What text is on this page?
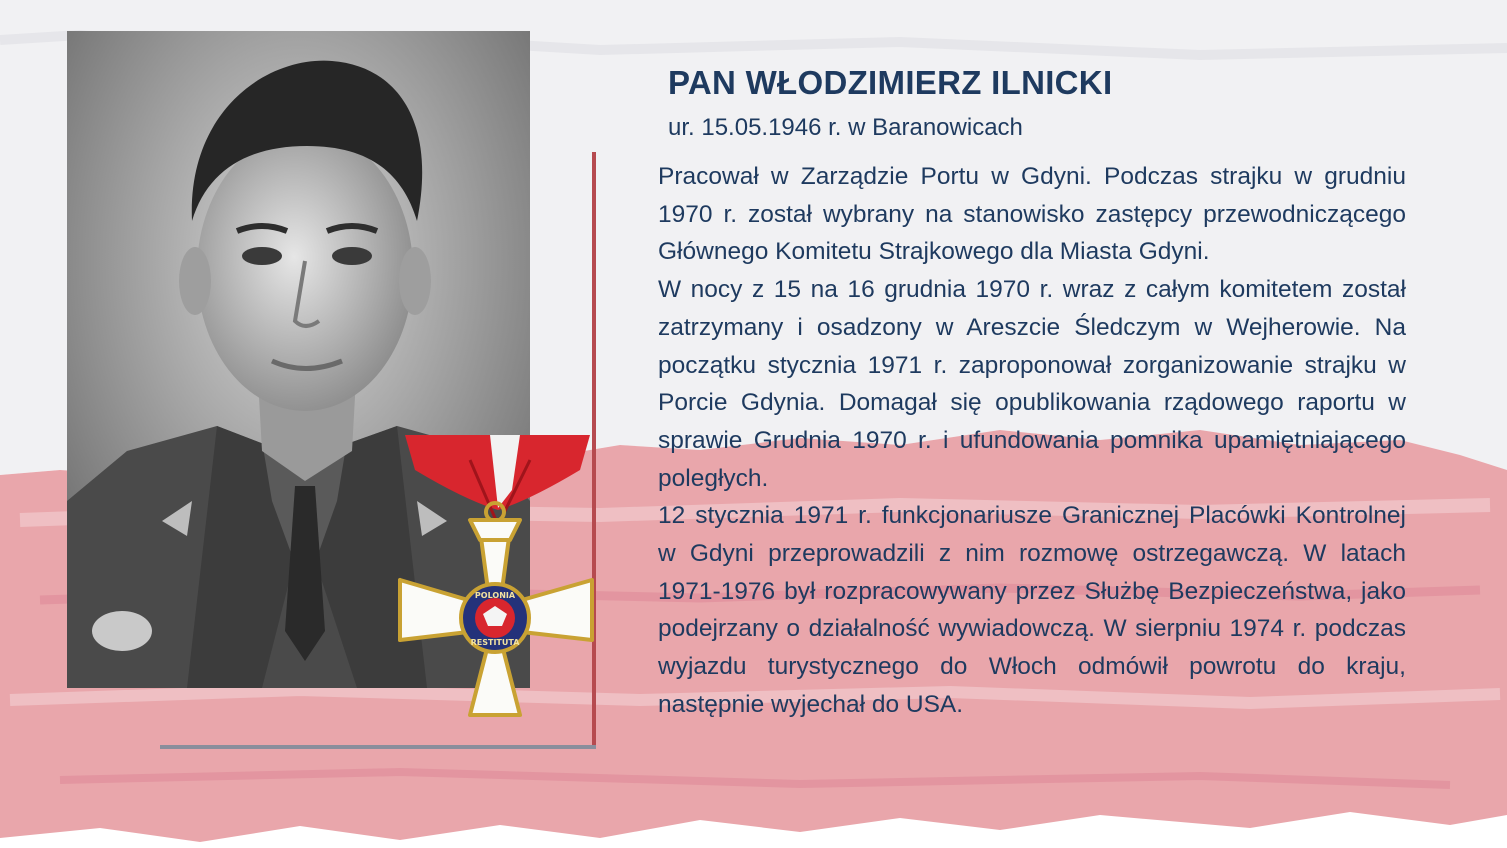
POLONIA
RESTITUTA
PAN WŁODZIMIERZ ILNICKI
ur. 15.05.1946 r. w Baranowicach

Pracował w Zarządzie Portu w Gdyni. Podczas strajku w grudniu 1970 r. został wybrany na stanowisko zastępcy przewodniczącego Głównego Komitetu Strajkowego dla Miasta Gdyni.

W nocy z 15 na 16 grudnia 1970 r. wraz z całym komitetem został zatrzymany i osadzony w Areszcie Śledczym w Wejherowie. Na początku stycznia 1971 r. zaproponował zorganizowanie strajku w Porcie Gdynia. Domagał się opublikowania rządowego raportu w sprawie Grudnia 1970 r. i ufundowania pomnika upamiętniającego poległych.

12 stycznia 1971 r. funkcjonariusze Granicznej Placówki Kontrolnej w Gdyni przeprowadzili z nim rozmowę ostrzegawczą. W latach 1971-1976 był rozpracowywany przez Służbę Bezpieczeństwa, jako podejrzany o działalność wywiadowczą. W sierpniu 1974 r. podczas wyjazdu turystycznego do Włoch odmówił powrotu do kraju, następnie wyjechał do USA.
